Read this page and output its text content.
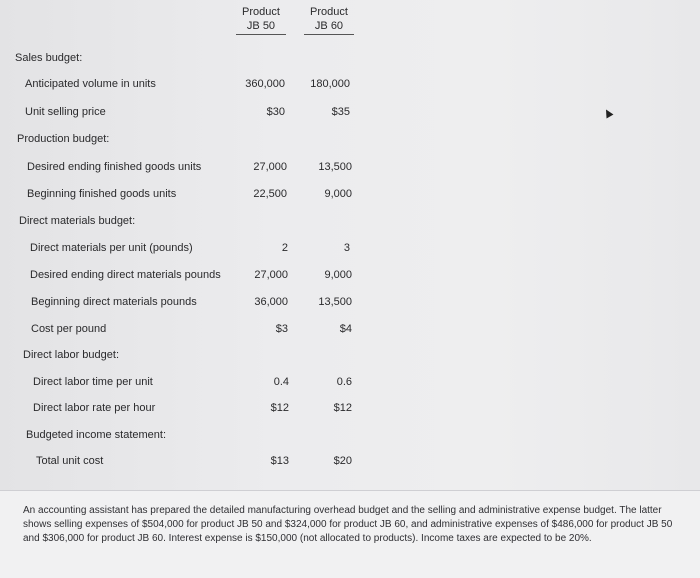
Product
JB 50
Product
JB 60
Sales budget:
Anticipated volume in units	360,000	180,000
Unit selling price	$30	$35
Production budget:
Desired ending finished goods units	27,000	13,500
Beginning finished goods units	22,500	9,000
Direct materials budget:
Direct materials per unit (pounds)	2	3
Desired ending direct materials pounds	27,000	9,000
Beginning direct materials pounds	36,000	13,500
Cost per pound	$3	$4
Direct labor budget:
Direct labor time per unit	0.4	0.6
Direct labor rate per hour	$12	$12
Budgeted income statement:
Total unit cost	$13	$20

An accounting assistant has prepared the detailed manufacturing overhead budget and the selling and administrative expense budget. The latter shows selling expenses of $504,000 for product JB 50 and $324,000 for product JB 60, and administrative expenses of $486,000 for product JB 50 and $306,000 for product JB 60. Interest expense is $150,000 (not allocated to products). Income taxes are expected to be 20%.
